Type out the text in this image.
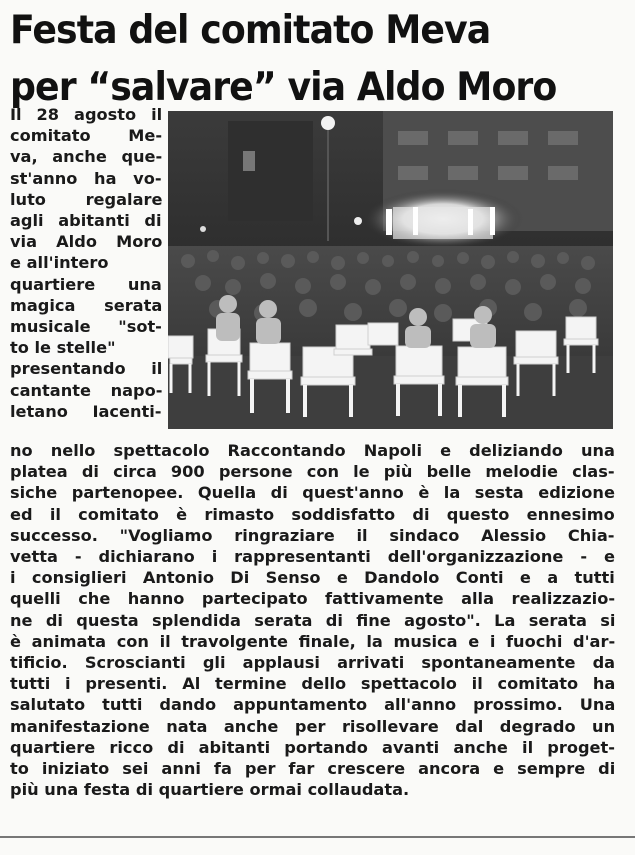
Festa del comitato Meva
per “salvare” via Aldo Moro
Il 28 agosto il
comitato Me-
va, anche que-
st'anno ha vo-
luto regalare
agli abitanti di
via Aldo Moro
e all'intero
quartiere una
magica serata
musicale "sot-
to le stelle"
presentando il
cantante napo-
letano Iacenti-
no nello spettacolo Raccontando Napoli e deliziando una
platea di circa 900 persone con le più belle melodie clas-
siche partenopee. Quella di quest'anno è la sesta edizione
ed il comitato è rimasto soddisfatto di questo ennesimo
successo. "Vogliamo ringraziare il sindaco Alessio Chia-
vetta - dichiarano i rappresentanti dell'organizzazione - e
i consiglieri Antonio Di Senso e Dandolo Conti e a tutti
quelli che hanno partecipato fattivamente alla realizzazio-
ne di questa splendida serata di fine agosto". La serata si
è animata con il travolgente finale, la musica e i fuochi d'ar-
tificio. Scroscianti gli applausi arrivati spontaneamente da
tutti i presenti. Al termine dello spettacolo il comitato ha
salutato tutti dando appuntamento all'anno prossimo. Una
manifestazione nata anche per risollevare dal degrado un
quartiere ricco di abitanti portando avanti anche il proget-
to iniziato sei anni fa per far crescere ancora e sempre di
più una festa di quartiere ormai collaudata.
